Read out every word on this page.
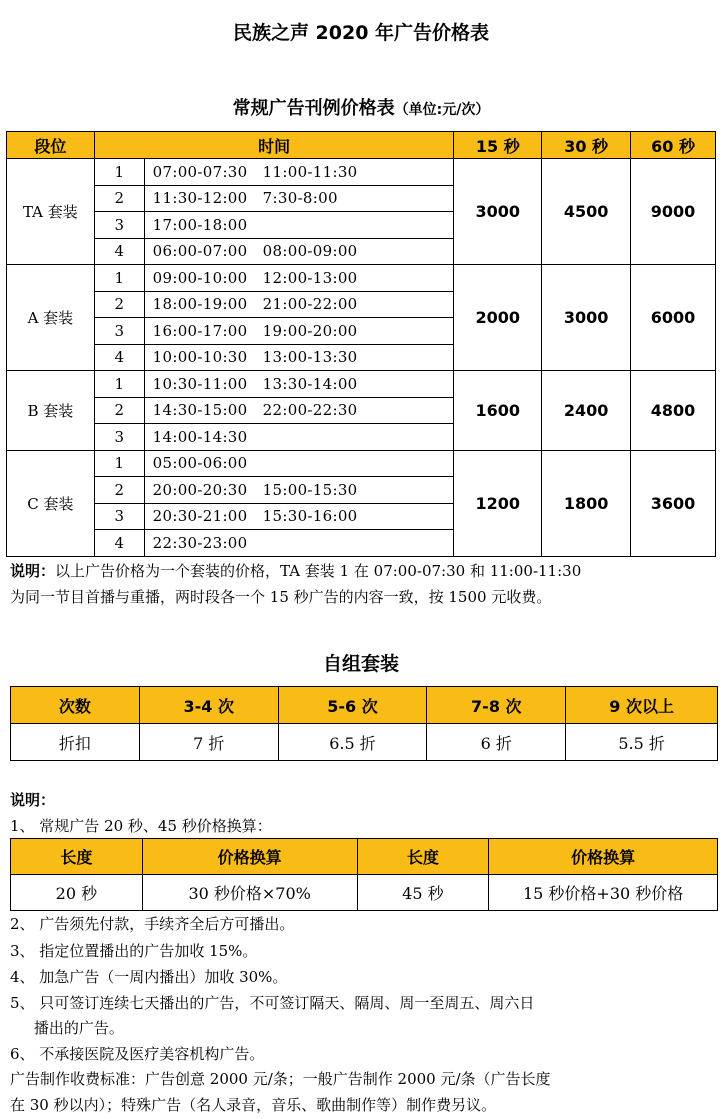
民族之声 2020 年广告价格表
常规广告刊例价格表（单位:元/次）
段位	时间		15 秒	30 秒	60 秒
TA 套装	1	07:00-07:30   11:00-11:30	3000	4500	9000
	2	11:30-12:00   7:30-8:00			
	3	17:00-18:00			
	4	06:00-07:00   08:00-09:00			
A 套装	1	09:00-10:00   12:00-13:00	2000	3000	6000
	2	18:00-19:00   21:00-22:00			
	3	16:00-17:00   19:00-20:00			
	4	10:00-10:30   13:00-13:30			
B 套装	1	10:30-11:00   13:30-14:00	1600	2400	4800
	2	14:30-15:00   22:00-22:30			
	3	14:00-14:30			
C 套装	1	05:00-06:00	1200	1800	3600
	2	20:00-20:30   15:00-15:30			
	3	20:30-21:00   15:30-16:00			
	4	22:30-23:00			
说明：以上广告价格为一个套装的价格，TA 套装 1 在 07:00-07:30 和 11:00-11:30
为同一节目首播与重播，两时段各一个 15 秒广告的内容一致，按 1500 元收费。
自组套装
次数	3-4 次	5-6 次	7-8 次	9 次以上
折扣	7 折	6.5 折	6 折	5.5 折
说明：
1、 常规广告 20 秒、45 秒价格换算：
长度	价格换算	长度	价格换算
20 秒	30 秒价格×70%	45 秒	15 秒价格+30 秒价格
2、 广告须先付款，手续齐全后方可播出。
3、 指定位置播出的广告加收 15%。
4、 加急广告（一周内播出）加收 30%。
5、 只可签订连续七天播出的广告，不可签订隔天、隔周、周一至周五、周六日
播出的广告。
6、 不承接医院及医疗美容机构广告。
广告制作收费标准：广告创意 2000 元/条；一般广告制作 2000 元/条（广告长度
在 30 秒以内）；特殊广告（名人录音，音乐、歌曲制作等）制作费另议。
